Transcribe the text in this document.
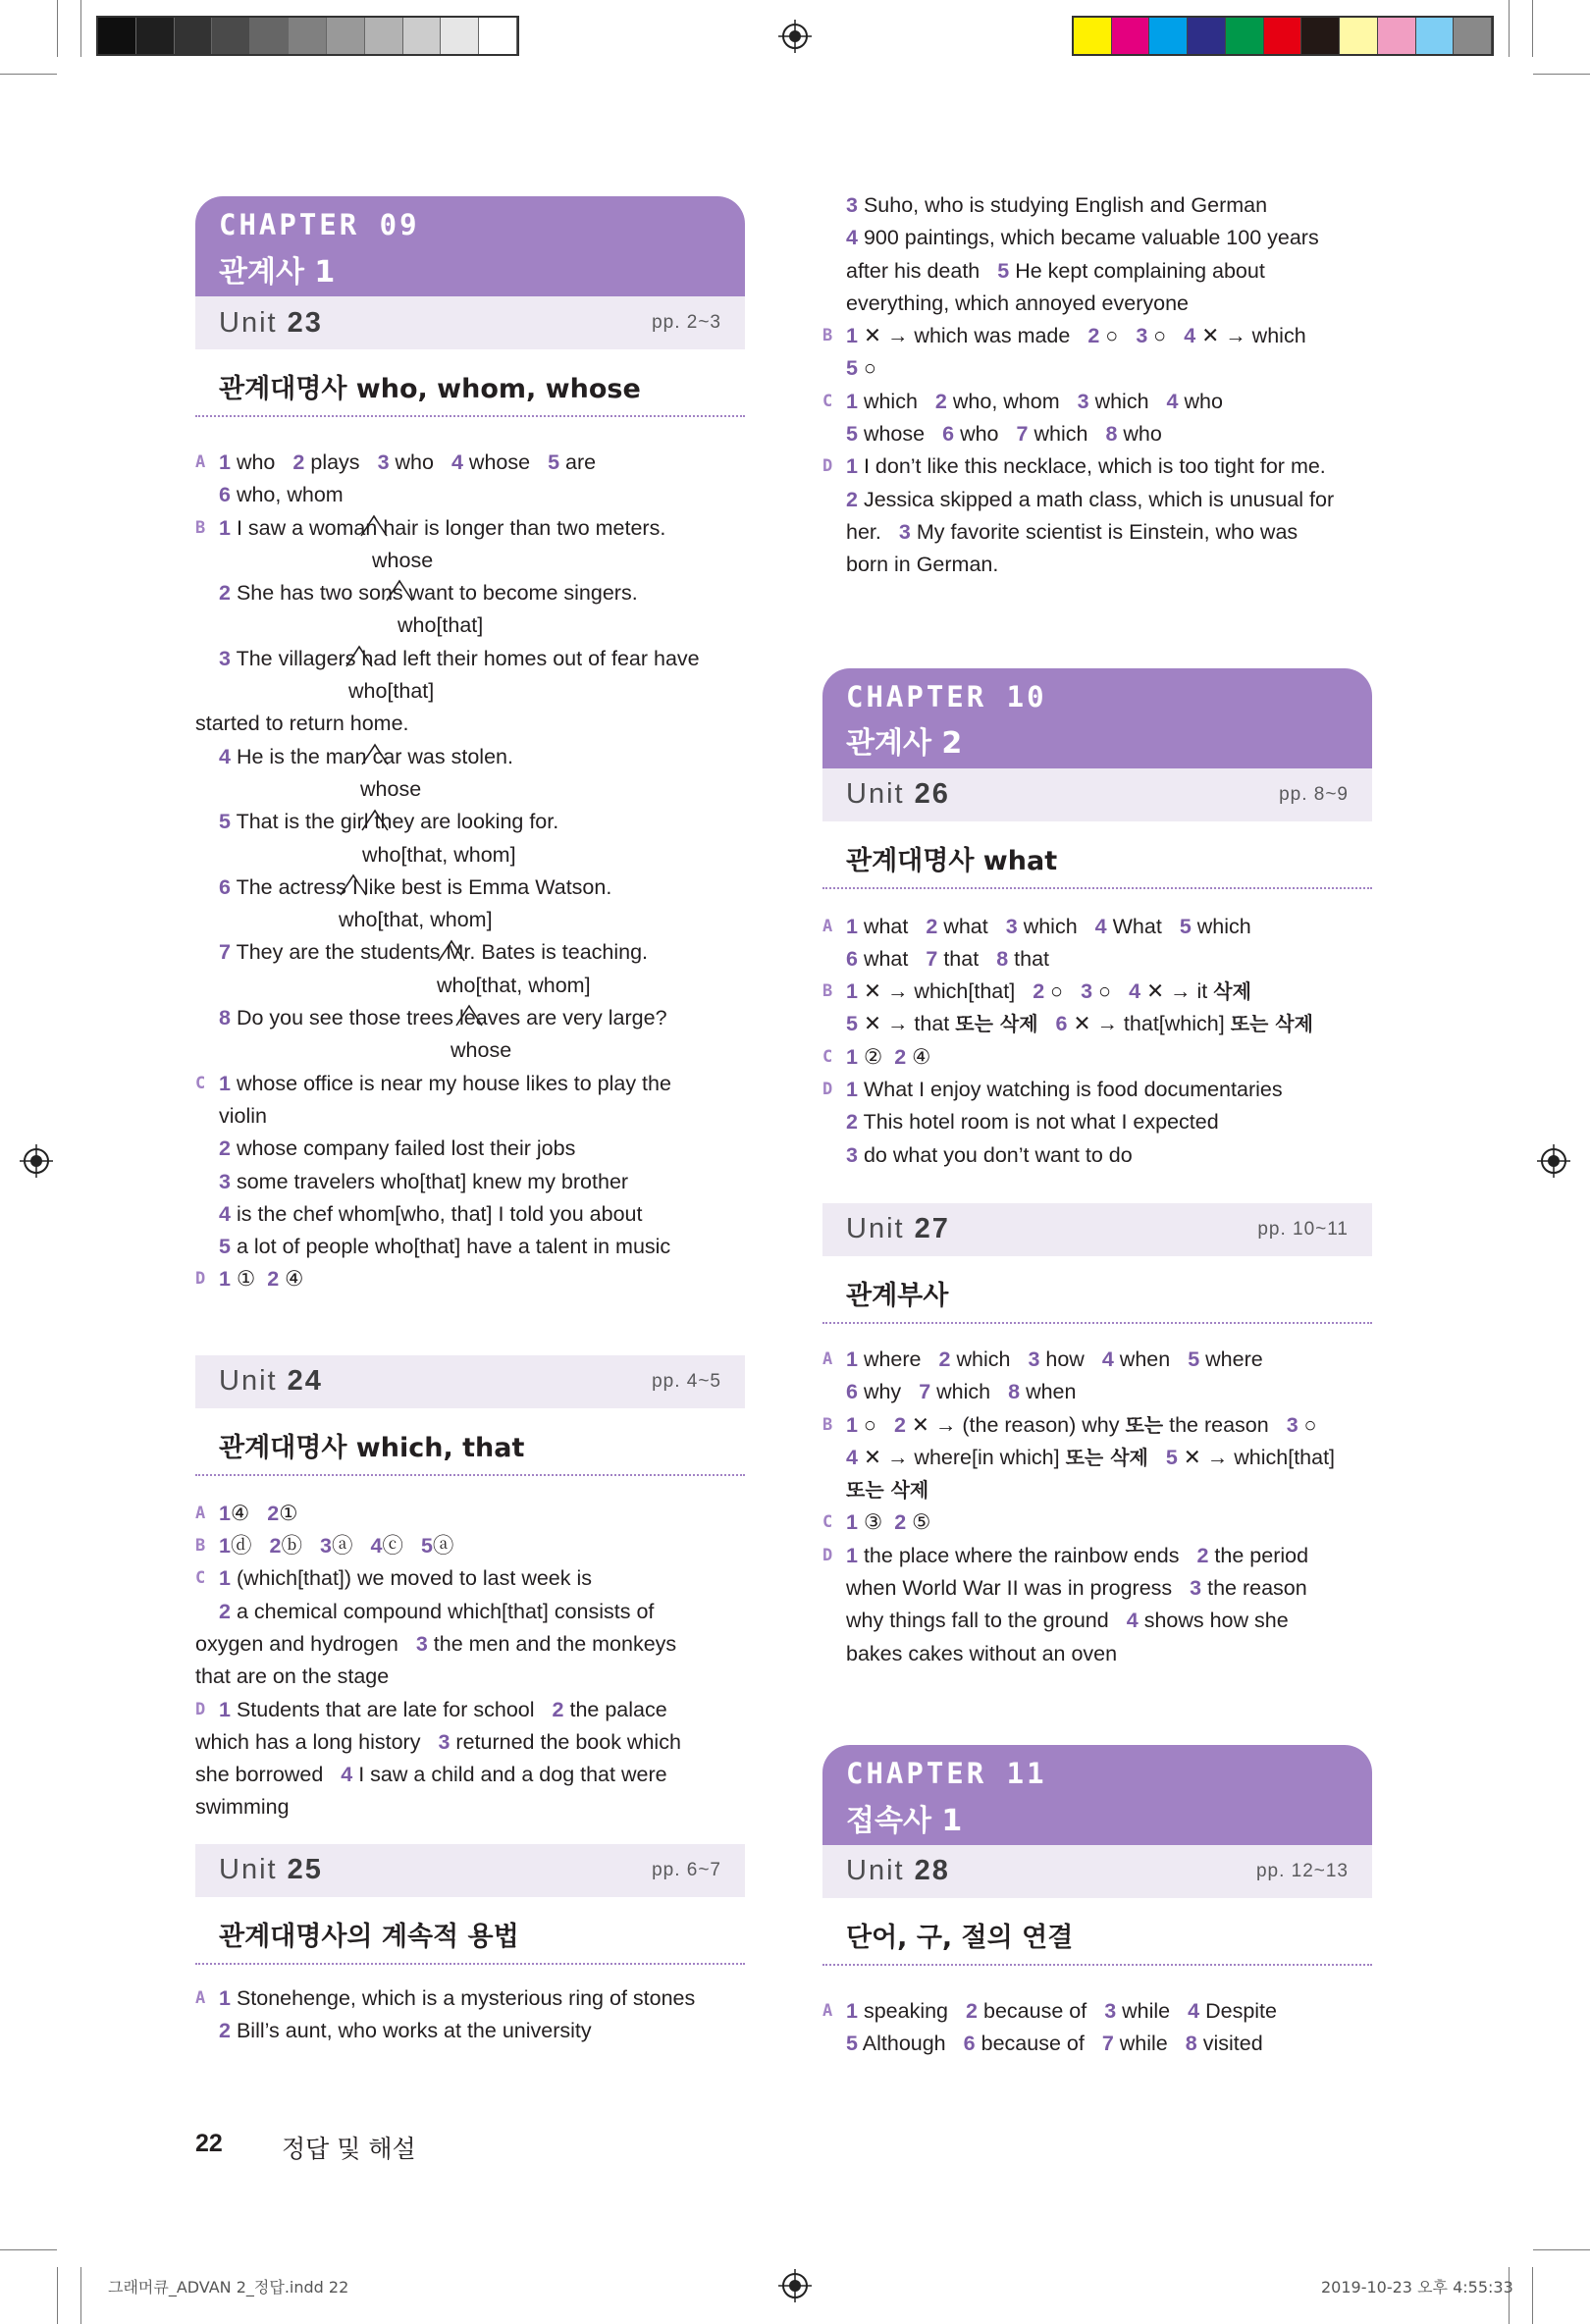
CHAPTER 09
관계사 1
Unit 23	pp. 2~3
관계대명사 who, whom, whose
A 1 who 2 plays 3 who 4 whose 5 are
6 who, whom
B 1 I saw a woman hair is longer than two meters.
whose
2 She has two sons want to become singers.
who[that]
3 The villagers had left their homes out of fear have
who[that]
started to return home.
4 He is the man car was stolen.
whose
5 That is the girl they are looking for.
who[that, whom]
6 The actress I like best is Emma Watson.
who[that, whom]
7 They are the students Mr. Bates is teaching.
who[that, whom]
8 Do you see those trees leaves are very large?
whose
C 1 whose office is near my house likes to play the
violin
2 whose company failed lost their jobs
3 some travelers who[that] knew my brother
4 is the chef whom[who, that] I told you about
5 a lot of people who[that] have a talent in music
D 1 ① 2 ④
Unit 24	pp. 4~5
관계대명사 which, that
A 1④ 2①
B 1ⓓ 2ⓑ 3ⓐ 4ⓒ 5ⓐ
C 1 (which[that]) we moved to last week is
2 a chemical compound which[that] consists of
oxygen and hydrogen 3 the men and the monkeys
that are on the stage
D 1 Students that are late for school 2 the palace
which has a long history 3 returned the book which
she borrowed 4 I saw a child and a dog that were
swimming
Unit 25	pp. 6~7
관계대명사의 계속적 용법
A 1 Stonehenge, which is a mysterious ring of stones
2 Bill’s aunt, who works at the university
3 Suho, who is studying English and German
4 900 paintings, which became valuable 100 years
after his death 5 He kept complaining about
everything, which annoyed everyone
B 1 ✕ → which was made 2 ○ 3 ○ 4 ✕ → which
5 ○
C 1 which 2 who, whom 3 which 4 who
5 whose 6 who 7 which 8 who
D 1 I don’t like this necklace, which is too tight for me.
2 Jessica skipped a math class, which is unusual for
her. 3 My favorite scientist is Einstein, who was
born in German.
CHAPTER 10
관계사 2
Unit 26	pp. 8~9
관계대명사 what
A 1 what 2 what 3 which 4 What 5 which
6 what 7 that 8 that
B 1 ✕ → which[that] 2 ○ 3 ○ 4 ✕ → it 삭제
5 ✕ → that 또는 삭제 6 ✕ → that[which] 또는 삭제
C 1 ② 2 ④
D 1 What I enjoy watching is food documentaries
2 This hotel room is not what I expected
3 do what you don’t want to do
Unit 27	pp. 10~11
관계부사
A 1 where 2 which 3 how 4 when 5 where
6 why 7 which 8 when
B 1 ○ 2 ✕ → (the reason) why 또는 the reason 3 ○
4 ✕ → where[in which] 또는 삭제 5 ✕ → which[that]
또는 삭제
C 1 ③ 2 ⑤
D 1 the place where the rainbow ends 2 the period
when World War II was in progress 3 the reason
why things fall to the ground 4 shows how she
bakes cakes without an oven
CHAPTER 11
접속사 1
Unit 28	pp. 12~13
단어, 구, 절의 연결
A 1 speaking 2 because of 3 while 4 Despite
5 Although 6 because of 7 while 8 visited
22 정답 및 해설
그래머큐_ADVAN 2_정답.indd 22	2019-10-23 오후 4:55:33
